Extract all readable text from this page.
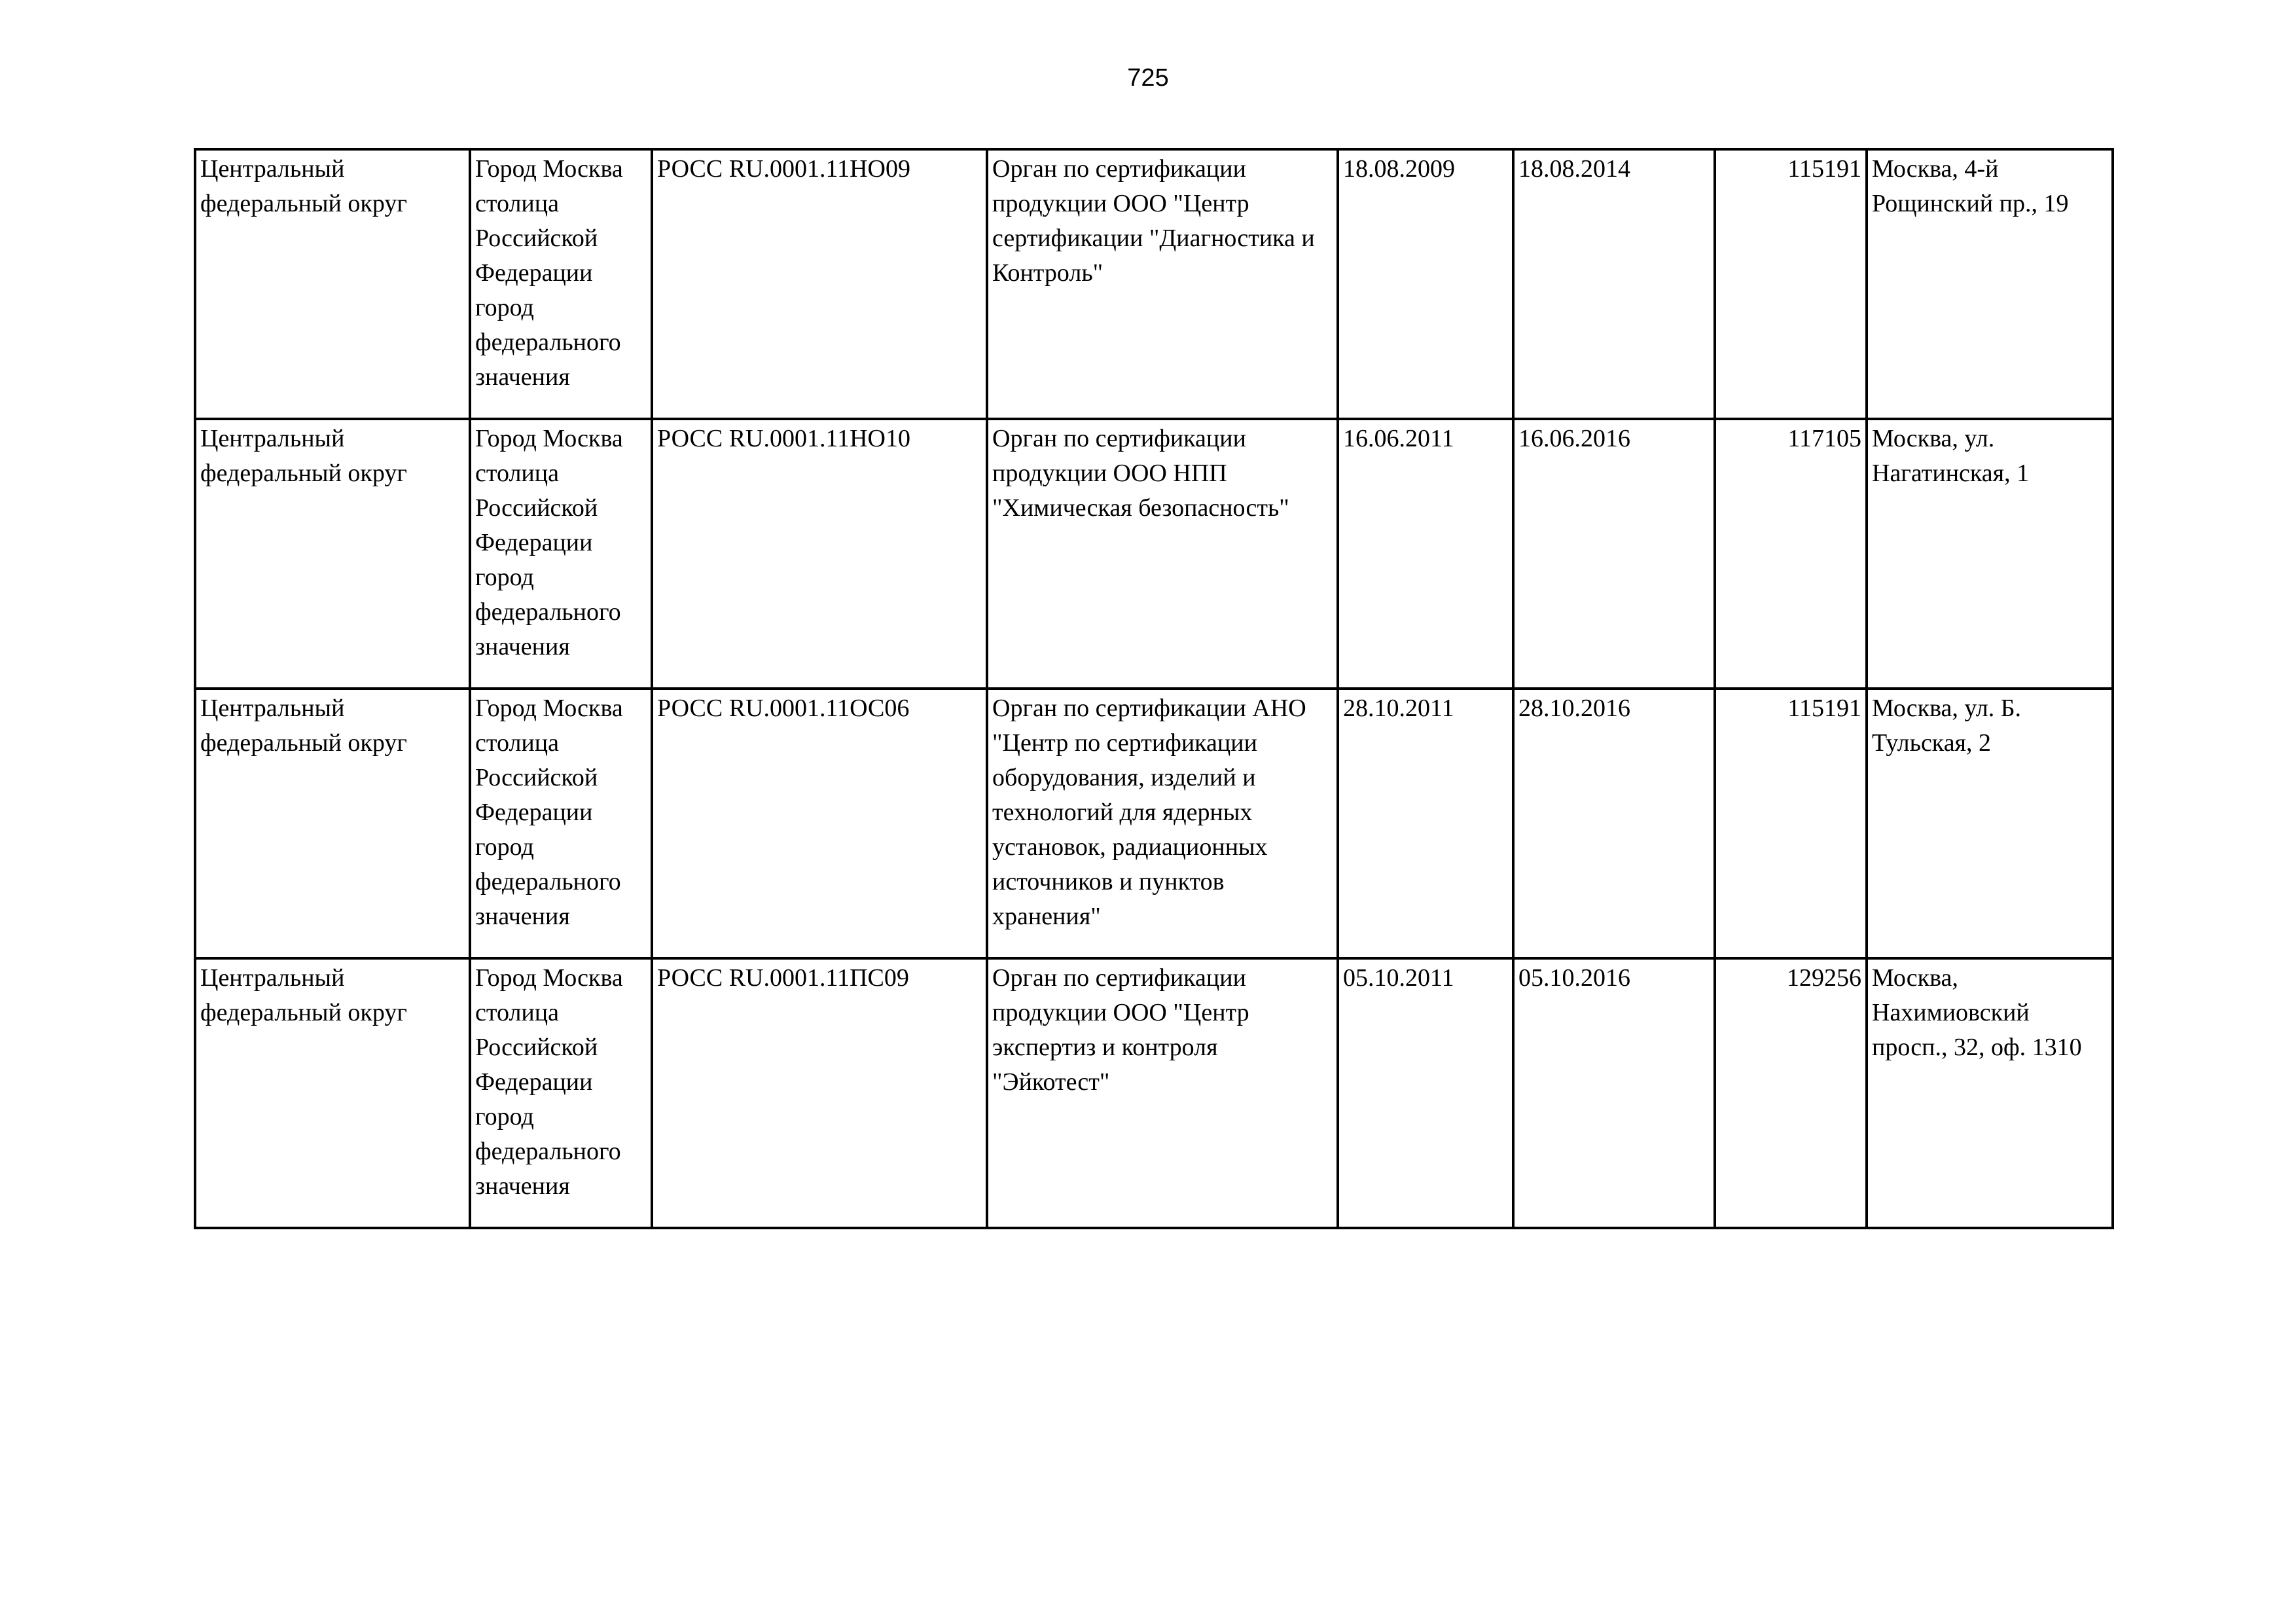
725
Центральный федеральный округ	Город Москва столица Российской Федерации город федерального значения	РОСС RU.0001.11НО09	Орган по сертификации продукции ООО "Центр сертификации "Диагностика и Контроль"	18.08.2009	18.08.2014	115191	Москва, 4-й Рощинский пр., 19

Центральный федеральный округ	Город Москва столица Российской Федерации город федерального значения	РОСС RU.0001.11НО10	Орган по сертификации продукции ООО НПП "Химическая безопасность"	16.06.2011	16.06.2016	117105	Москва, ул. Нагатинская, 1

Центральный федеральный округ	Город Москва столица Российской Федерации город федерального значения	РОСС RU.0001.11ОС06	Орган по сертификации АНО "Центр по сертификации оборудования, изделий и технологий для ядерных установок, радиационных источников и пунктов хранения"	28.10.2011	28.10.2016	115191	Москва, ул. Б. Тульская, 2

Центральный федеральный округ	Город Москва столица Российской Федерации город федерального значения	РОСС RU.0001.11ПС09	Орган по сертификации продукции ООО "Центр экспертиз и контроля "Эйкотест"	05.10.2011	05.10.2016	129256	Москва, Нахимиовский просп., 32, оф. 1310
